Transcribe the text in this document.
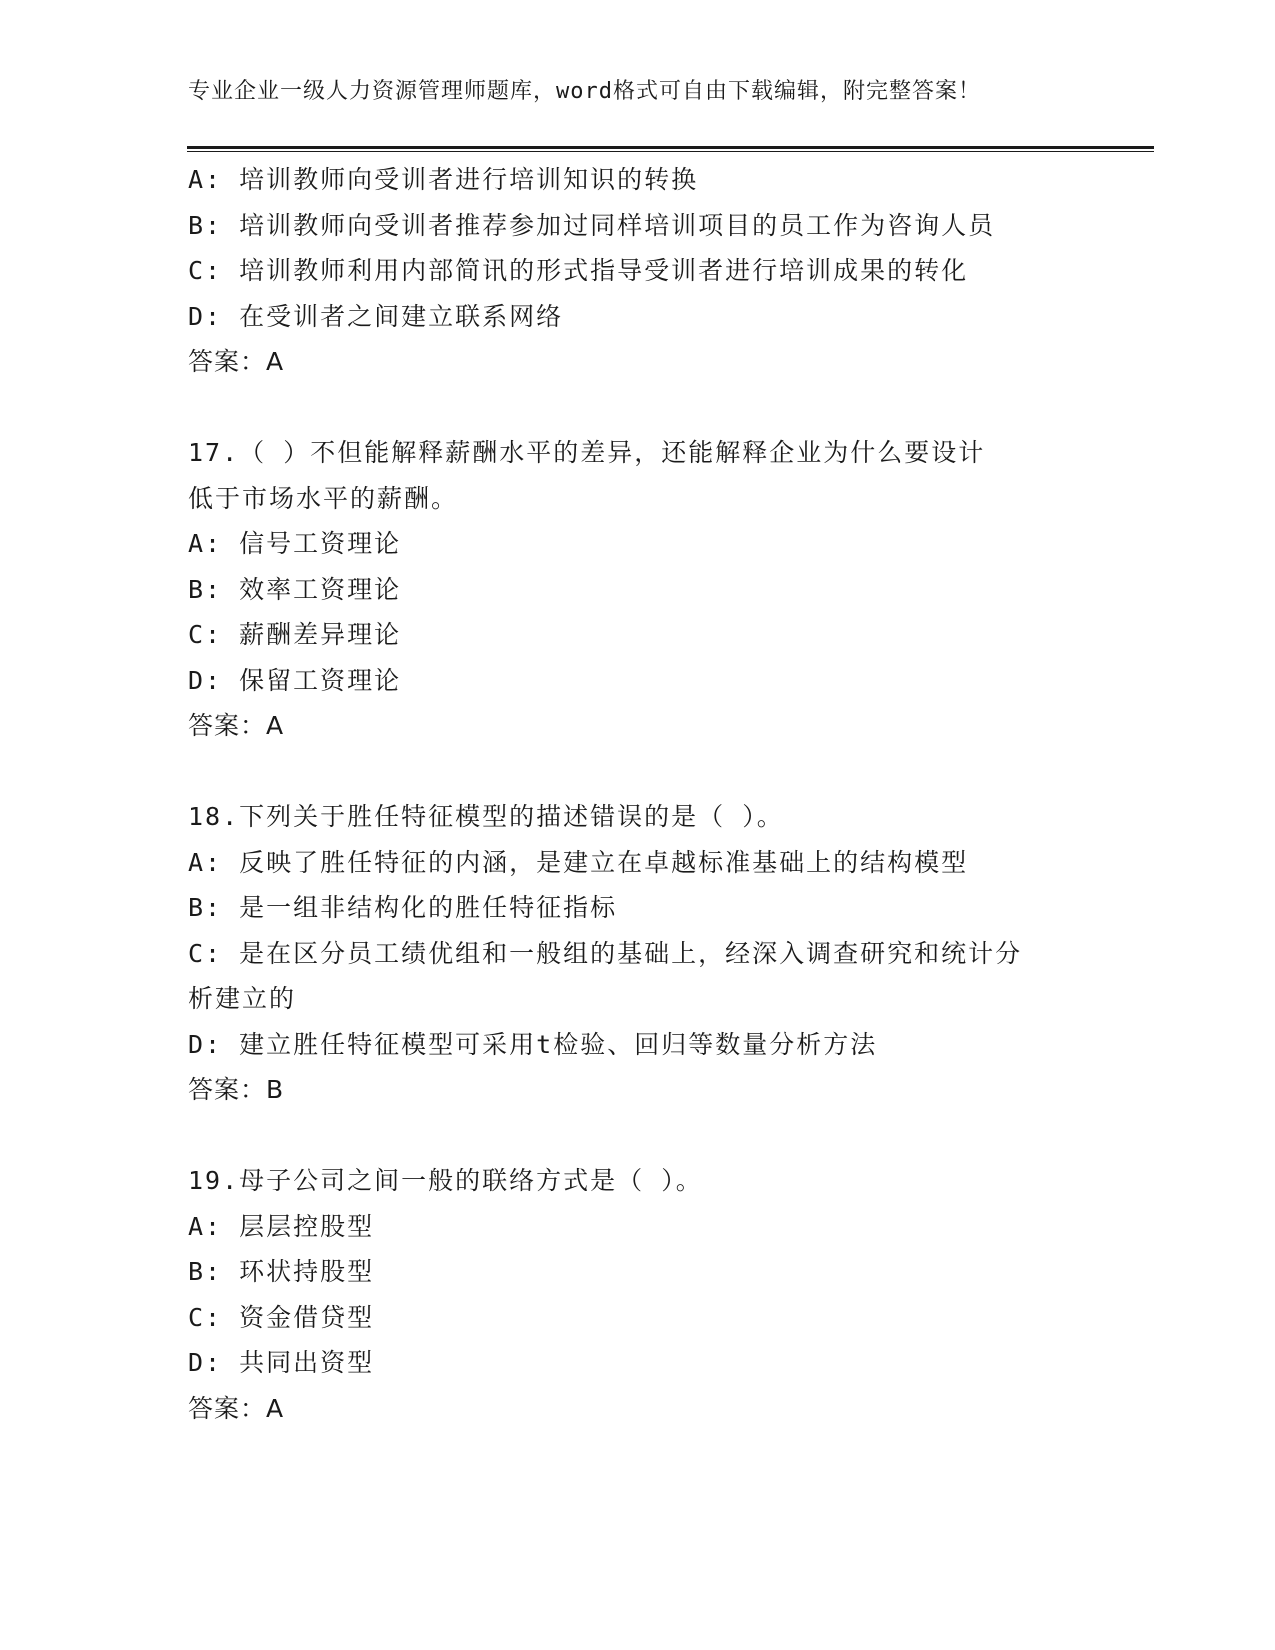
专业企业一级人力资源管理师题库，word格式可自由下载编辑，附完整答案！
A: 培训教师向受训者进行培训知识的转换
B: 培训教师向受训者推荐参加过同样培训项目的员工作为咨询人员
C: 培训教师利用内部简讯的形式指导受训者进行培训成果的转化
D: 在受训者之间建立联系网络
答案：A
17.（ ）不但能解释薪酬水平的差异，还能解释企业为什么要设计
低于市场水平的薪酬。
A: 信号工资理论
B: 效率工资理论
C: 薪酬差异理论
D: 保留工资理论
答案：A
18.下列关于胜任特征模型的描述错误的是（ ）。
A: 反映了胜任特征的内涵，是建立在卓越标准基础上的结构模型
B: 是一组非结构化的胜任特征指标
C: 是在区分员工绩优组和一般组的基础上，经深入调查研究和统计分
析建立的
D: 建立胜任特征模型可采用t检验、回归等数量分析方法
答案：B
19.母子公司之间一般的联络方式是（ ）。
A: 层层控股型
B: 环状持股型
C: 资金借贷型
D: 共同出资型
答案：A
